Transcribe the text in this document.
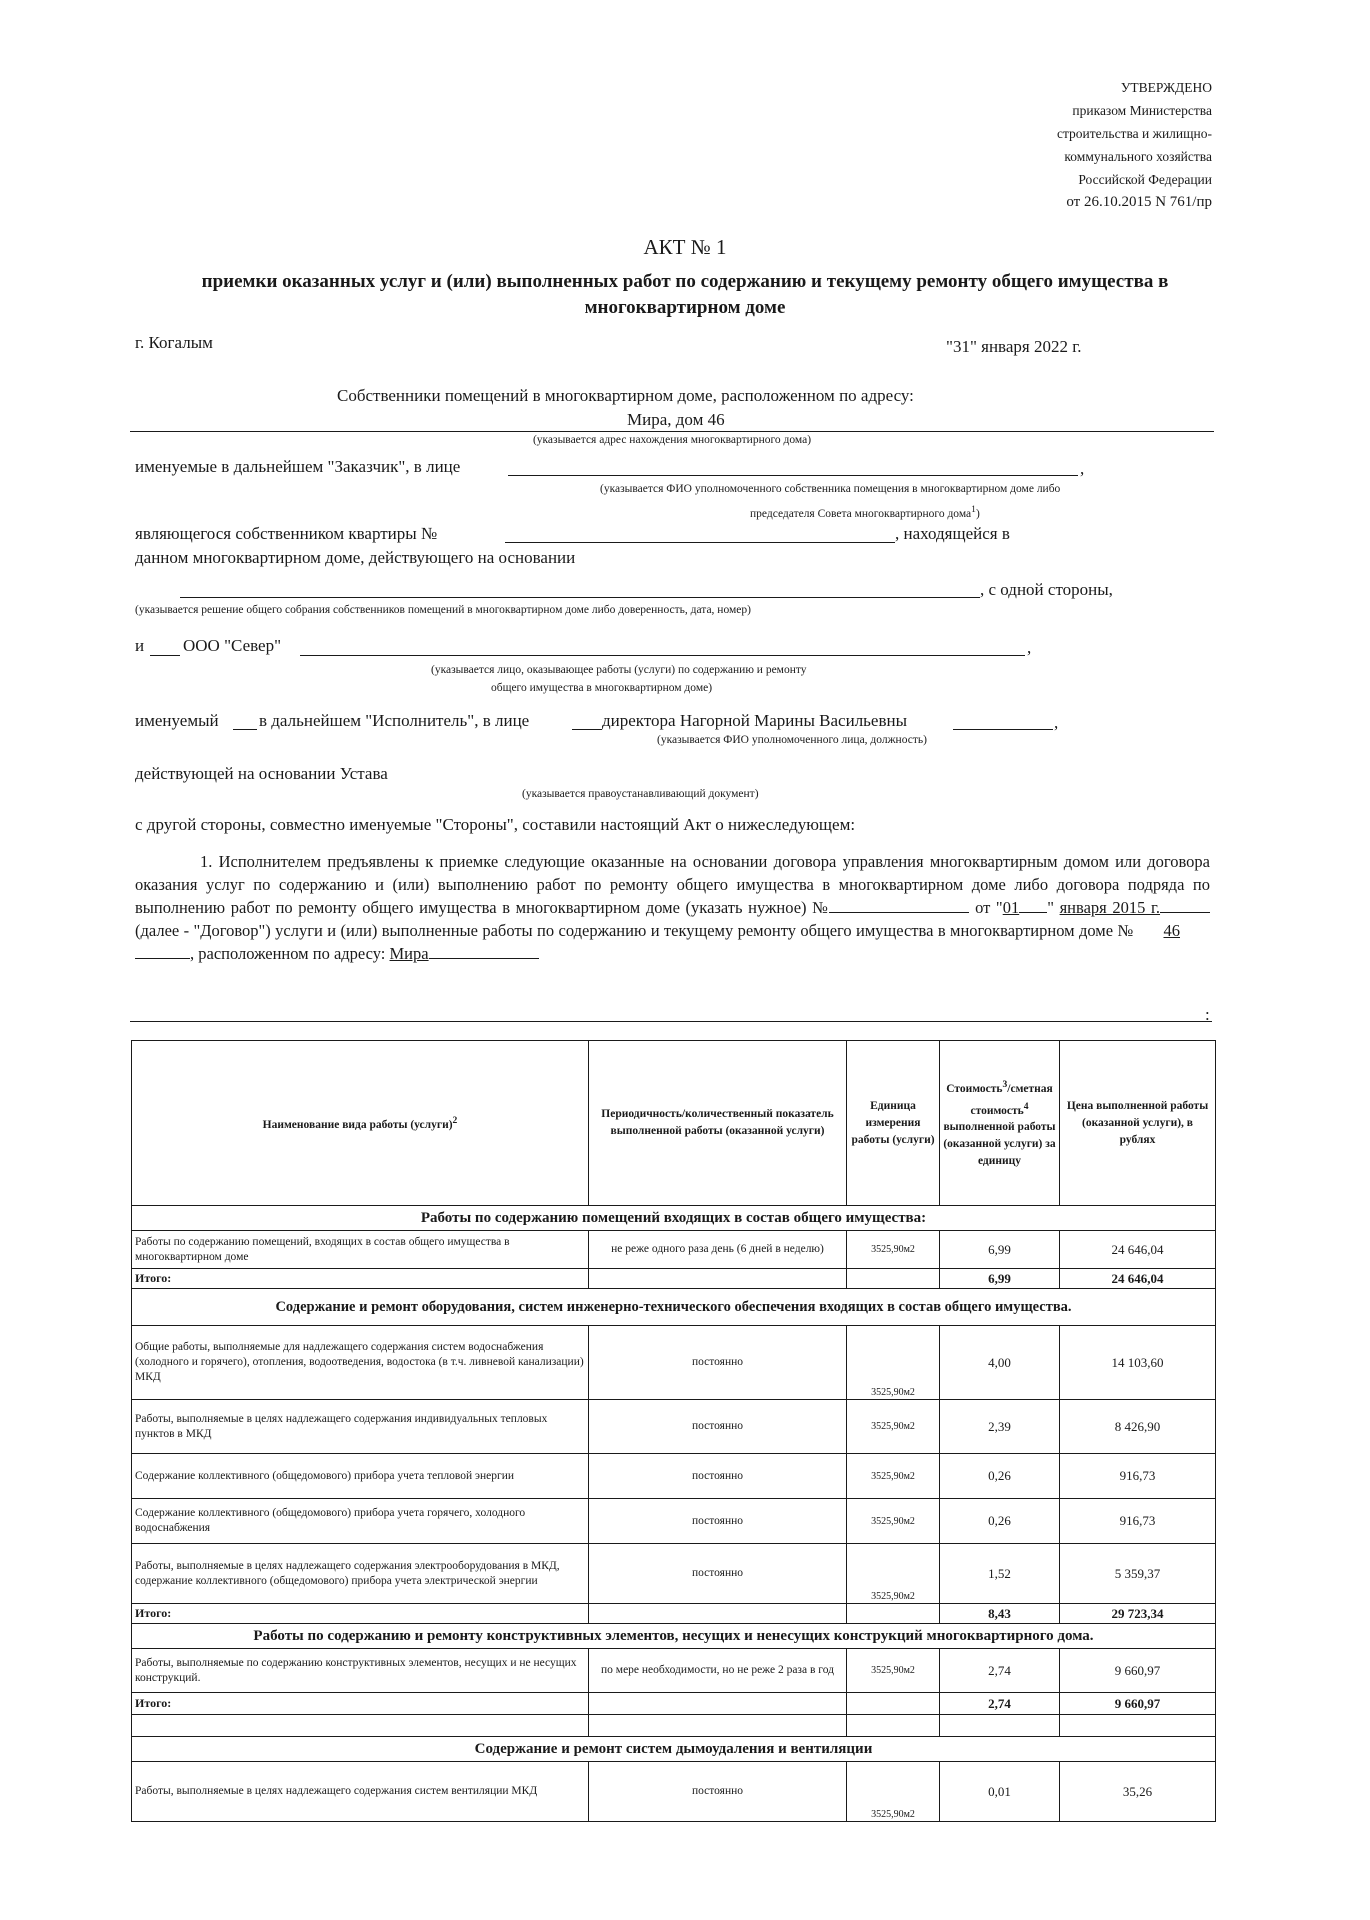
УТВЕРЖДЕНО
приказом Министерства
строительства и жилищно-
коммунального хозяйства
Российской Федерации
от 26.10.2015 N 761/пр
АКТ № 1
приемки оказанных услуг и (или) выполненных работ по содержанию и текущему ремонту общего имущества в многоквартирном доме
г. Когалым	"31" января 2022 г.
Собственники помещений в многоквартирном доме, расположенном по адресу:
Мира, дом 46
(указывается адрес нахождения многоквартирного дома)
именуемые в дальнейшем "Заказчик", в лице	,
(указывается ФИО уполномоченного собственника помещения в многоквартирном доме либо
председателя Совета многоквартирного дома$^1$)
являющегося собственником квартиры №	, находящейся в
данном многоквартирном доме, действующего на основании
, с одной стороны,
(указывается решение общего собрания собственников помещений в многоквартирном доме либо доверенность, дата, номер)
и ООО "Север"	,
(указывается лицо, оказывающее работы (услуги) по содержанию и ремонту
общего имущества в многоквартирном доме)
именуемый в дальнейшем "Исполнитель", в лице	директора Нагорной Марины Васильевны	,
(указывается ФИО уполномоченного лица, должность)
действующей на основании Устава
(указывается правоустанавливающий документ)
с другой стороны, совместно именуемые "Стороны", составили настоящий Акт о нижеследующем:
1. Исполнителем предъявлены к приемке следующие оказанные на основании договора управления многоквартирным домом или договора оказания услуг по содержанию и (или) выполнению работ по ремонту общего имущества в многоквартирном доме либо договора подряда по выполнению работ по ремонту общего имущества в многоквартирном доме (указать нужное) №	от "01 " января 2015 г. (далее - "Договор") услуги и (или) выполненные работы по содержанию и текущему ремонту общего имущества в многоквартирном доме № 46, расположенном по адресу: Мира
:
Наименование вида работы (услуги)$^2$	Периодичность/количественный показатель выполненной работы (оказанной услуги)	Единица измерения работы (услуги)	Стоимость$^3$/сметная стоимость$^4$ выполненной работы (оказанной услуги) за единицу	Цена выполненной работы (оказанной услуги), в рублях
Работы по содержанию помещений входящих в состав общего имущества:				
Работы по содержанию помещений, входящих в состав общего имущества в многоквартирном доме	не реже одного раза день (6 дней в неделю)	3525,90м2	6,99	24 646,04
Итого:			6,99	24 646,04
Содержание и ремонт оборудования, систем инженерно-технического обеспечения входящих в состав общего имущества.				
Общие работы, выполняемые для надлежащего содержания систем водоснабжения (холодного и горячего), отопления, водоотведения, водостока (в т.ч. ливневой канализации) МКД	постоянно	3525,90м2	4,00	14 103,60
Работы, выполняемые в целях надлежащего содержания индивидуальных тепловых пунктов в МКД	постоянно	3525,90м2	2,39	8 426,90
Содержание коллективного (общедомового) прибора учета тепловой энергии	постоянно	3525,90м2	0,26	916,73
Содержание коллективного (общедомового) прибора учета горячего, холодного водоснабжения	постоянно	3525,90м2	0,26	916,73
Работы, выполняемые в целях надлежащего содержания электрооборудования в МКД, содержание коллективного (общедомового) прибора учета электрической энергии	постоянно	3525,90м2	1,52	5 359,37
Итого:			8,43	29 723,34
Работы по содержанию и ремонту конструктивных элементов, несущих и ненесущих конструкций многоквартирного дома.				
Работы, выполняемые по содержанию конструктивных элементов, несущих и не несущих конструкций.	по мере необходимости, но не реже 2 раза в год	3525,90м2	2,74	9 660,97
Итого:			2,74	9 660,97

Содержание и ремонт систем дымоудаления и вентиляции				
Работы, выполняемые в целях надлежащего содержания систем вентиляции МКД	постоянно	3525,90м2	0,01	35,26
